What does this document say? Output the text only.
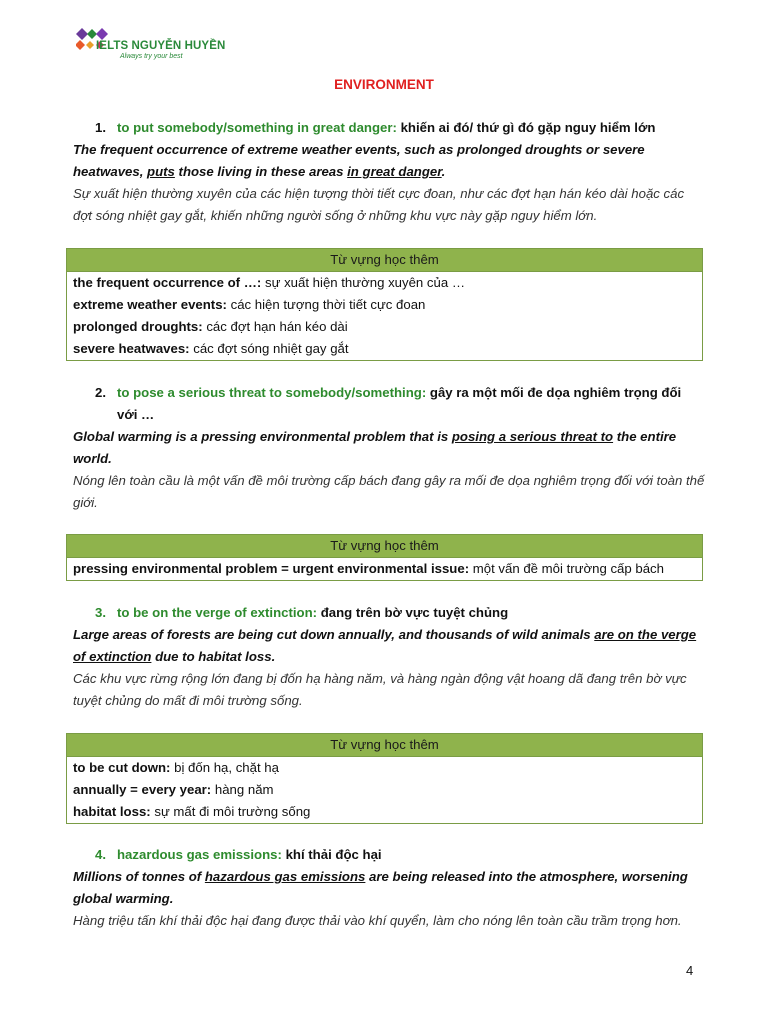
IELTS NGUYỄN HUYỀN
Always try your best
ENVIRONMENT
1. to put somebody/something in great danger: khiến ai đó/ thứ gì đó gặp nguy hiểm lớn
The frequent occurrence of extreme weather events, such as prolonged droughts or severe heatwaves, puts those living in these areas in great danger.
Sự xuất hiện thường xuyên của các hiện tượng thời tiết cực đoan, như các đợt hạn hán kéo dài hoặc các đợt sóng nhiệt gay gắt, khiến những người sống ở những khu vực này gặp nguy hiểm lớn.
Từ vựng học thêm
the frequent occurrence of …: sự xuất hiện thường xuyên của …
extreme weather events: các hiện tượng thời tiết cực đoan
prolonged droughts: các đợt hạn hán kéo dài
severe heatwaves: các đợt sóng nhiệt gay gắt
2. to pose a serious threat to somebody/something: gây ra một mối đe dọa nghiêm trọng đối với …
Global warming is a pressing environmental problem that is posing a serious threat to the entire world.
Nóng lên toàn cầu là một vấn đề môi trường cấp bách đang gây ra mối đe dọa nghiêm trọng đối với toàn thế giới.
Từ vựng học thêm
pressing environmental problem = urgent environmental issue: một vấn đề môi trường cấp bách
3. to be on the verge of extinction: đang trên bờ vực tuyệt chủng
Large areas of forests are being cut down annually, and thousands of wild animals are on the verge of extinction due to habitat loss.
Các khu vực rừng rộng lớn đang bị đốn hạ hàng năm, và hàng ngàn động vật hoang dã đang trên bờ vực tuyệt chủng do mất đi môi trường sống.
Từ vựng học thêm
to be cut down: bị đốn hạ, chặt hạ
annually = every year: hàng năm
habitat loss: sự mất đi môi trường sống
4. hazardous gas emissions: khí thải độc hại
Millions of tonnes of hazardous gas emissions are being released into the atmosphere, worsening global warming.
Hàng triệu tấn khí thải độc hại đang được thải vào khí quyển, làm cho nóng lên toàn cầu trầm trọng hơn.
4
